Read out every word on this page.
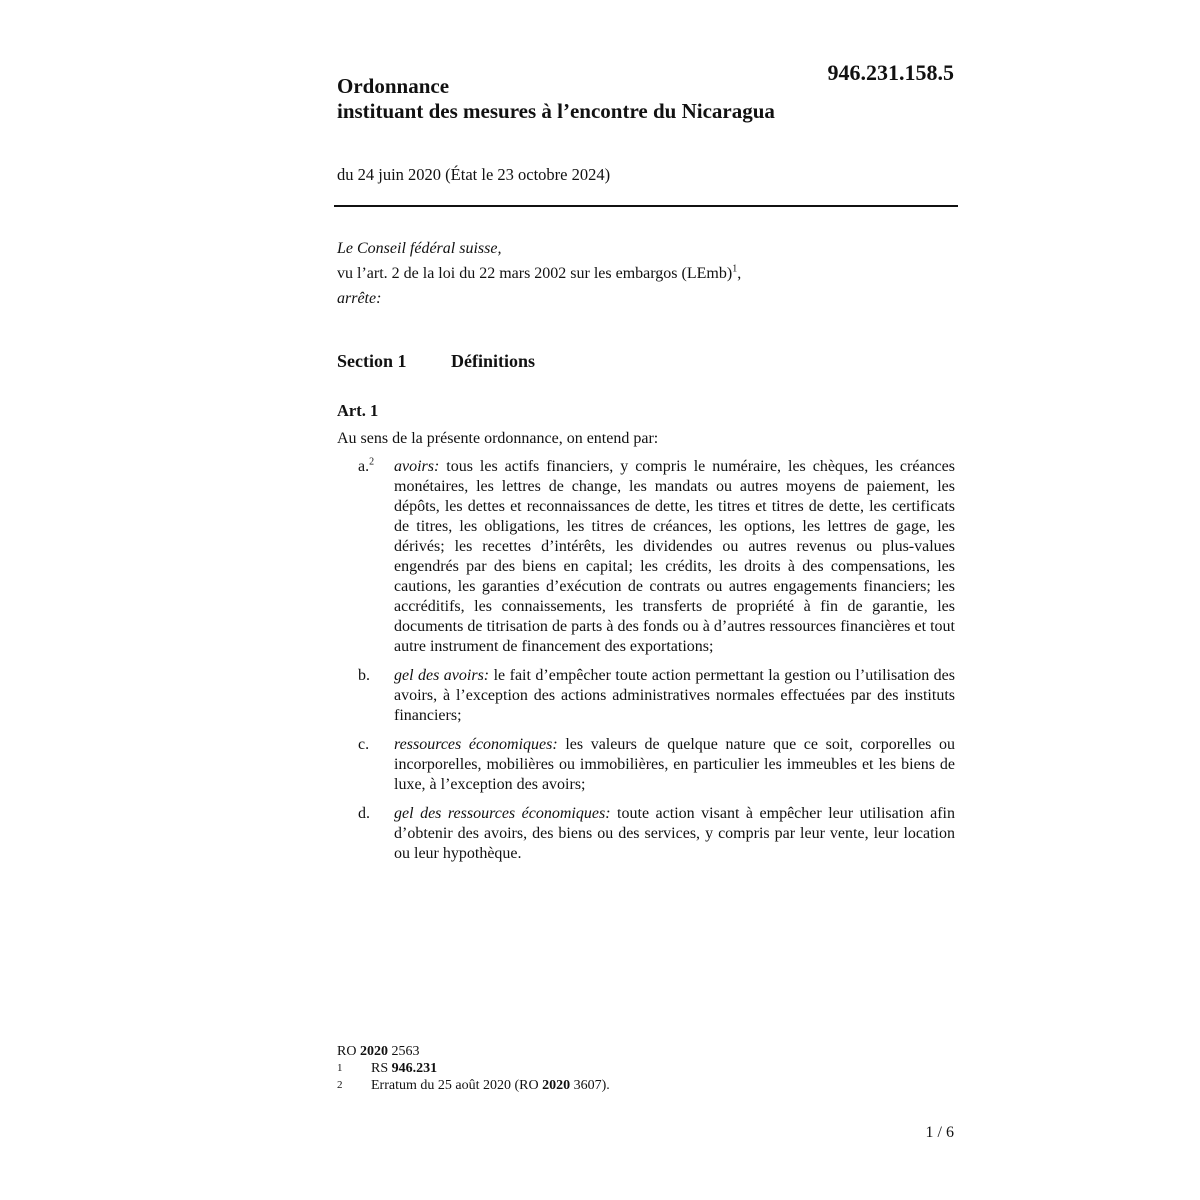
946.231.158.5
Ordonnance
instituant des mesures à l’encontre du Nicaragua
du 24 juin 2020 (État le 23 octobre 2024)
Le Conseil fédéral suisse,
vu l’art. 2 de la loi du 22 mars 2002 sur les embargos (LEmb)$^1$,
arrête:
Section 1 Définitions
Art. 1
Au sens de la présente ordonnance, on entend par:
a.$^2$	avoirs: tous les actifs financiers, y compris le numéraire, les chèques, les créances monétaires, les lettres de change, les mandats ou autres moyens de paiement, les dépôts, les dettes et reconnaissances de dette, les titres et titres de dette, les certificats de titres, les obligations, les titres de créances, les options, les lettres de gage, les dérivés; les recettes d’intérêts, les dividendes ou autres revenus ou plus-values engendrés par des biens en capital; les crédits, les droits à des compensations, les cautions, les garanties d’exécution de contrats ou autres engagements financiers; les accréditifs, les connaissements, les transferts de propriété à fin de garantie, les documents de titrisation de parts à des fonds ou à d’autres ressources financières et tout autre instrument de financement des exportations;
b.	gel des avoirs: le fait d’empêcher toute action permettant la gestion ou l’utilisation des avoirs, à l’exception des actions administratives normales effectuées par des instituts financiers;
c.	ressources économiques: les valeurs de quelque nature que ce soit, corporelles ou incorporelles, mobilières ou immobilières, en particulier les immeubles et les biens de luxe, à l’exception des avoirs;
d.	gel des ressources économiques: toute action visant à empêcher leur utilisation afin d’obtenir des avoirs, des biens ou des services, y compris par leur vente, leur location ou leur hypothèque.
RO 2020 2563
1	RS 946.231
2	Erratum du 25 août 2020 (RO 2020 3607).
1 / 6
